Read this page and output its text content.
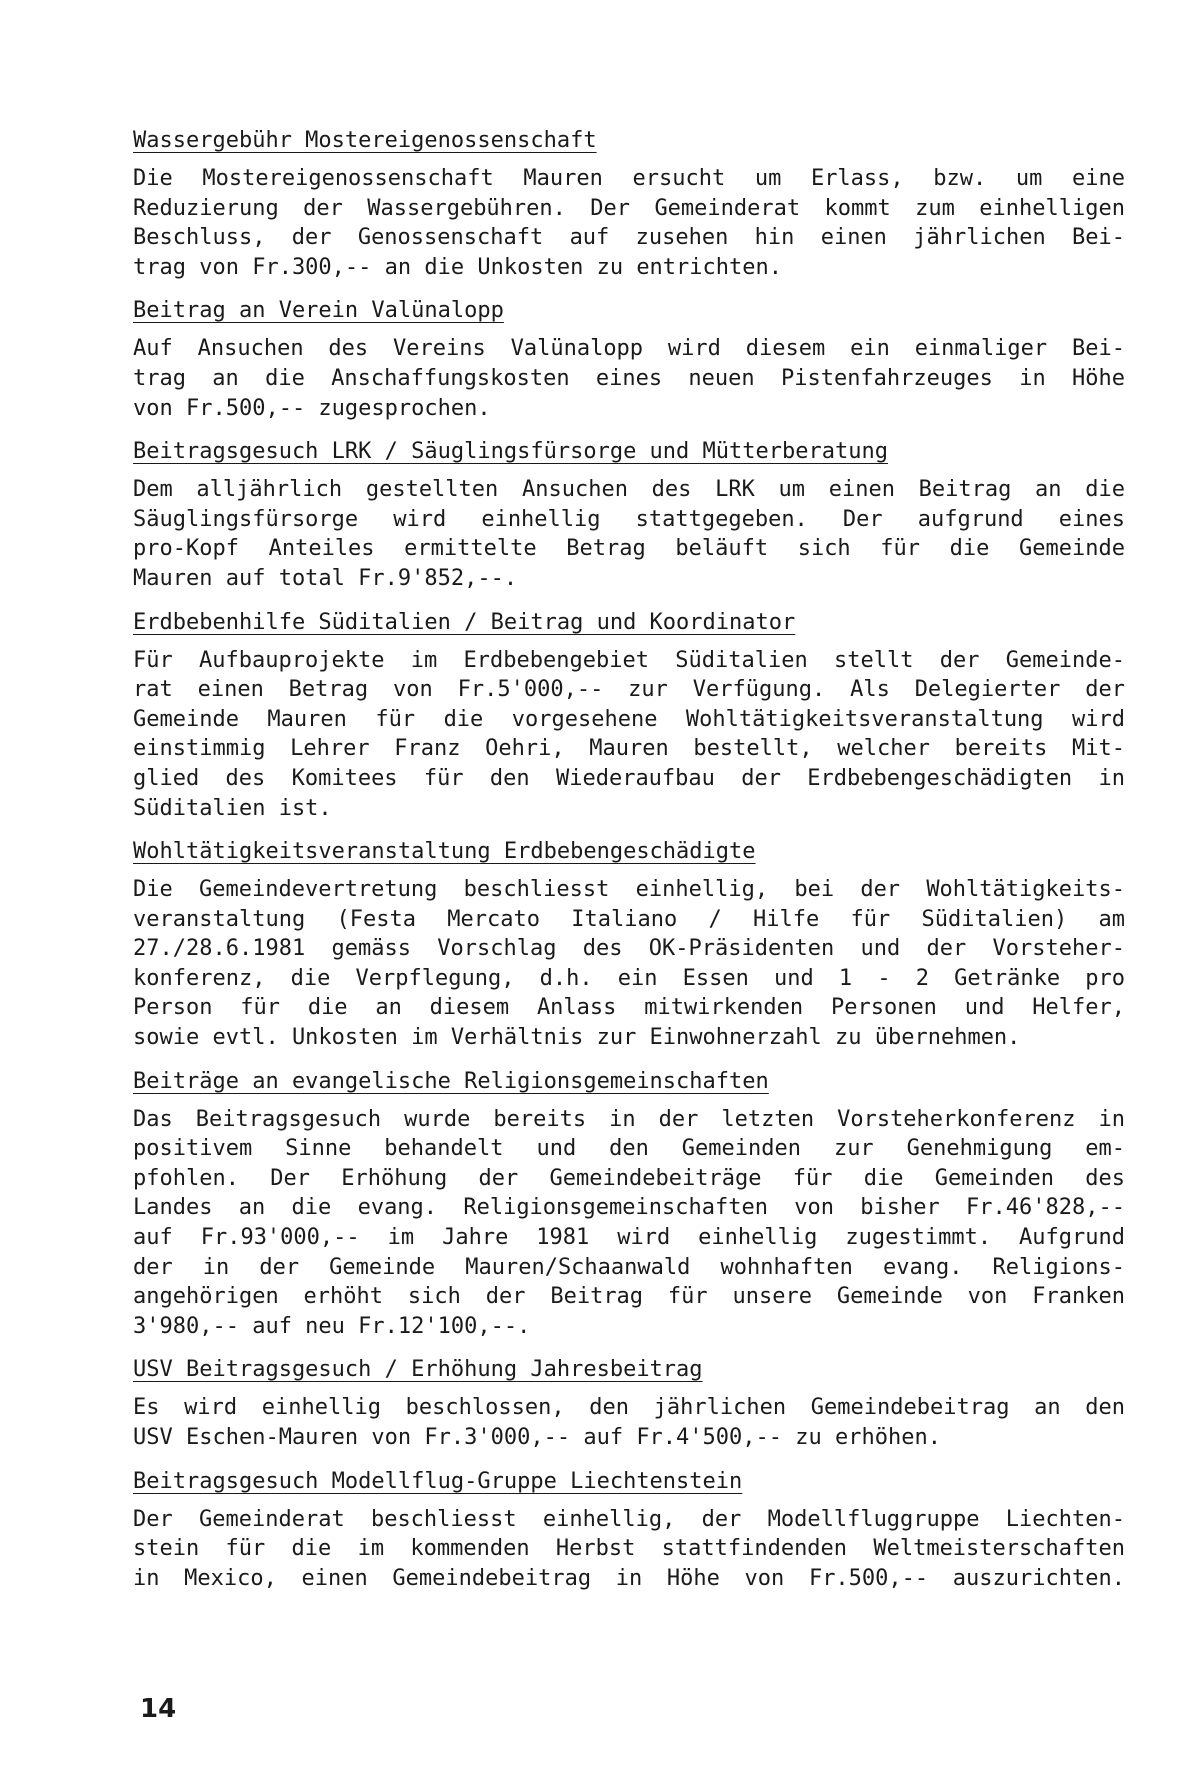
Wassergebühr Mostereigenossenschaft
Die Mostereigenossenschaft Mauren ersucht um Erlass, bzw. um eine
Reduzierung der Wassergebühren. Der Gemeinderat kommt zum einhelligen
Beschluss, der Genossenschaft auf zusehen hin einen jährlichen Bei-
trag von Fr.300,-- an die Unkosten zu entrichten.
Beitrag an Verein Valünalopp
Auf Ansuchen des Vereins Valünalopp wird diesem ein einmaliger Bei-
trag an die Anschaffungskosten eines neuen Pistenfahrzeuges in Höhe
von Fr.500,-- zugesprochen.
Beitragsgesuch LRK / Säuglingsfürsorge und Mütterberatung
Dem alljährlich gestellten Ansuchen des LRK um einen Beitrag an die
Säuglingsfürsorge wird einhellig stattgegeben. Der aufgrund eines
pro-Kopf Anteiles ermittelte Betrag beläuft sich für die Gemeinde
Mauren auf total Fr.9'852,--.
Erdbebenhilfe Süditalien / Beitrag und Koordinator
Für Aufbauprojekte im Erdbebengebiet Süditalien stellt der Gemeinde-
rat einen Betrag von Fr.5'000,-- zur Verfügung. Als Delegierter der
Gemeinde Mauren für die vorgesehene Wohltätigkeitsveranstaltung wird
einstimmig Lehrer Franz Oehri, Mauren bestellt, welcher bereits Mit-
glied des Komitees für den Wiederaufbau der Erdbebengeschädigten in
Süditalien ist.
Wohltätigkeitsveranstaltung Erdbebengeschädigte
Die Gemeindevertretung beschliesst einhellig, bei der Wohltätigkeits-
veranstaltung (Festa Mercato Italiano / Hilfe für Süditalien) am
27./28.6.1981 gemäss Vorschlag des OK-Präsidenten und der Vorsteher-
konferenz, die Verpflegung, d.h. ein Essen und 1 - 2 Getränke pro
Person für die an diesem Anlass mitwirkenden Personen und Helfer,
sowie evtl. Unkosten im Verhältnis zur Einwohnerzahl zu übernehmen.
Beiträge an evangelische Religionsgemeinschaften
Das Beitragsgesuch wurde bereits in der letzten Vorsteherkonferenz in
positivem Sinne behandelt und den Gemeinden zur Genehmigung em-
pfohlen. Der Erhöhung der Gemeindebeiträge für die Gemeinden des
Landes an die evang. Religionsgemeinschaften von bisher Fr.46'828,--
auf Fr.93'000,-- im Jahre 1981 wird einhellig zugestimmt. Aufgrund
der in der Gemeinde Mauren/Schaanwald wohnhaften evang. Religions-
angehörigen erhöht sich der Beitrag für unsere Gemeinde von Franken
3'980,-- auf neu Fr.12'100,--.
USV Beitragsgesuch / Erhöhung Jahresbeitrag
Es wird einhellig beschlossen, den jährlichen Gemeindebeitrag an den
USV Eschen-Mauren von Fr.3'000,-- auf Fr.4'500,-- zu erhöhen.
Beitragsgesuch Modellflug-Gruppe Liechtenstein
Der Gemeinderat beschliesst einhellig, der Modellfluggruppe Liechten-
stein für die im kommenden Herbst stattfindenden Weltmeisterschaften
in Mexico, einen Gemeindebeitrag in Höhe von Fr.500,-- auszurichten.
14
